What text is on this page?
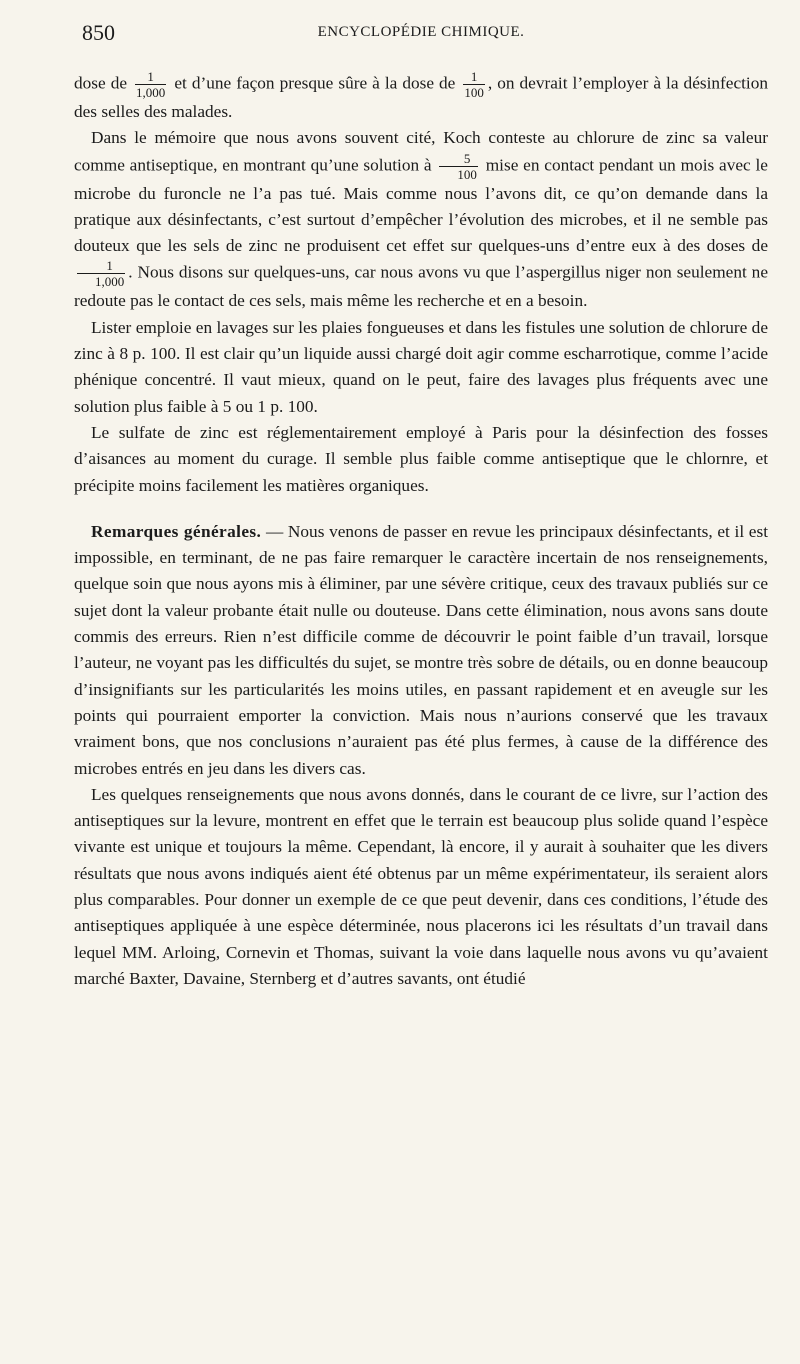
850	ENCYCLOPÉDIE CHIMIQUE.

dose de $\frac{1}{1,000}$ et d’une façon presque sûre à la dose de $\frac{1}{100}$ , on devrait l’employer à la désinfection des selles des malades.

Dans le mémoire que nous avons souvent cité, Koch conteste au chlorure de zinc sa valeur comme antiseptique, en montrant qu’une solution à $\frac{5}{100}$ mise en contact pendant un mois avec le microbe du furoncle ne l’a pas tué. Mais comme nous l’avons dit, ce qu’on demande dans la pratique aux désinfectants, c’est surtout d’empêcher l’évolution des microbes, et il ne semble pas douteux que les sels de zinc ne produisent cet effet sur quelques-uns d’entre eux à des doses de
$\frac{1}{1,000}$ . Nous disons sur quelques-uns, car nous avons vu que l’aspergillus niger non seulement ne redoute pas le contact de ces sels, mais même les recherche et en a besoin.

Lister emploie en lavages sur les plaies fongueuses et dans les fistules une solution de chlorure de zinc à 8 p. 100. Il est clair qu’un liquide aussi chargé doit agir comme escharrotique, comme l’acide phénique concentré. Il vaut mieux, quand on le peut, faire des lavages plus fréquents avec une solution plus faible à 5 ou 1 p. 100.

Le sulfate de zinc est réglementairement employé à Paris pour la désinfection des fosses d’aisances au moment du curage. Il semble plus faible comme antiseptique que le chlornre, et précipite moins facilement les matières organiques.

Remarques générales. — Nous venons de passer en revue les principaux désinfectants, et il est impossible, en terminant, de ne pas faire remarquer le caractère incertain de nos renseignements, quelque soin que nous ayons mis à éliminer, par une sévère critique, ceux des travaux publiés sur ce sujet dont la valeur probante était nulle ou douteuse. Dans cette élimination, nous avons sans doute commis des erreurs. Rien n’est difficile comme de découvrir le point faible d’un travail, lorsque l’auteur, ne voyant pas les difficultés du sujet, se montre très sobre de détails, ou en donne beaucoup d’insignifiants sur les particularités les moins utiles, en passant rapidement et en aveugle sur les points qui pourraient emporter la conviction. Mais nous n’aurions conservé que les travaux vraiment bons, que nos conclusions n’auraient pas été plus fermes, à cause de la différence des microbes entrés en jeu dans les divers cas.

Les quelques renseignements que nous avons donnés, dans le courant de ce livre, sur l’action des antiseptiques sur la levure, montrent en effet que le terrain est beaucoup plus solide quand l’espèce vivante est unique et toujours la même. Cependant, là encore, il y aurait à souhaiter que les divers résultats que nous avons indiqués aient été obtenus par un même expérimentateur, ils seraient alors plus comparables. Pour donner un exemple de ce que peut devenir, dans ces conditions, l’étude des antiseptiques appliquée à une espèce déterminée, nous placerons ici les résultats d’un travail dans lequel MM. Arloing, Cornevin et Thomas, suivant la voie dans laquelle nous avons vu qu’avaient marché Baxter, Davaine, Sternberg et d’autres savants, ont étudié
